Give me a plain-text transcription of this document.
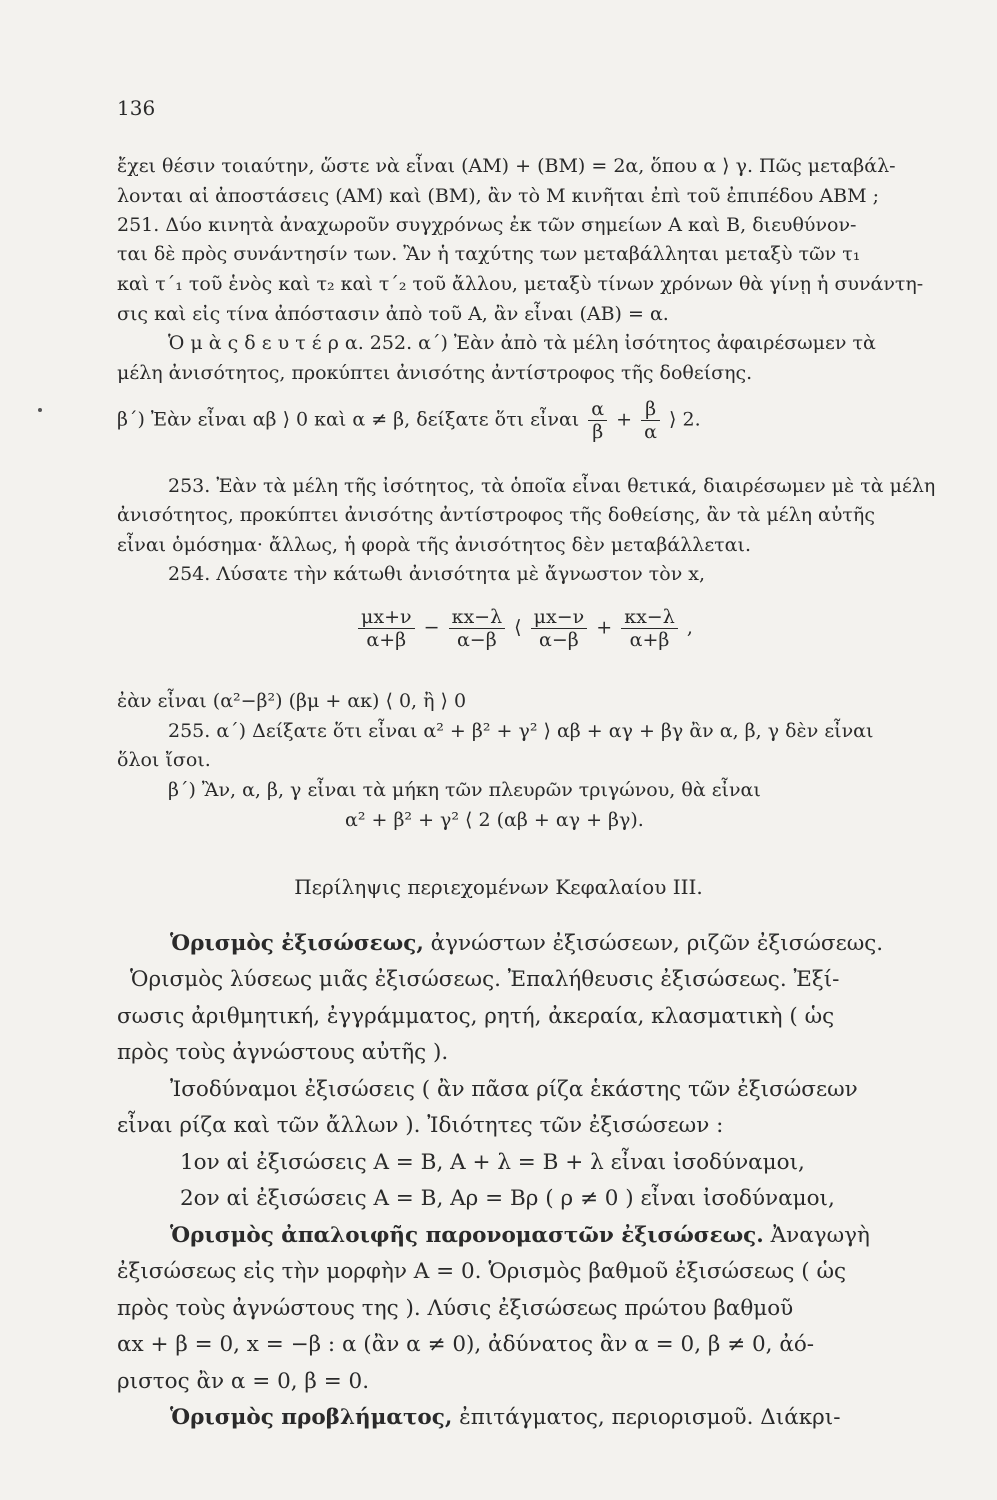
136
ἔχει θέσιν τοιαύτην, ὥστε νὰ εἶναι (ΑΜ) + (ΒΜ) = 2α, ὅπου α ⟩ γ. Πῶς μεταβάλ-
λονται αἱ ἀποστάσεις (ΑΜ) καὶ (ΒΜ), ἂν τὸ Μ κινῆται ἐπὶ τοῦ ἐπιπέδου ΑΒΜ ;
251. Δύο κινητὰ ἀναχωροῦν συγχρόνως ἐκ τῶν σημείων Α καὶ Β, διευθύνον-
ται δὲ πρὸς συνάντησίν των. Ἂν ἡ ταχύτης των μεταβάλληται μεταξὺ τῶν τ₁
καὶ τ΄₁ τοῦ ἑνὸς καὶ τ₂ καὶ τ΄₂ τοῦ ἄλλου, μεταξὺ τίνων χρόνων θὰ γίνῃ ἡ συνάντη-
σις καὶ εἰς τίνα ἀπόστασιν ἀπὸ τοῦ Α, ἂν εἶναι (ΑΒ) = α.
Ὁ μ ὰ ς δ ε υ τ έ ρ α. 252. α΄) Ἐὰν ἀπὸ τὰ μέλη ἰσότητος ἀφαιρέσωμεν τὰ
μέλη ἀνισότητος, προκύπτει ἀνισότης ἀντίστροφος τῆς δοθείσης.
β΄) Ἐὰν εἶναι αβ ⟩ 0 καὶ α ≠ β, δείξατε ὅτι εἶναι $\frac{\alpha}{\beta} + \frac{\beta}{\alpha}$ ⟩ 2.
253. Ἐὰν τὰ μέλη τῆς ἰσότητος, τὰ ὁποῖα εἶναι θετικά, διαιρέσωμεν μὲ τὰ μέλη
ἀνισότητος, προκύπτει ἀνισότης ἀντίστροφος τῆς δοθείσης, ἂν τὰ μέλη αὐτῆς
εἶναι ὁμόσημα· ἄλλως, ἡ φορὰ τῆς ἀνισότητος δὲν μεταβάλλεται.
254. Λύσατε τὴν κάτωθι ἀνισότητα μὲ ἄγνωστον τὸν x,
$\frac{\mu x+\nu}{\alpha+\beta} - \frac{\kappa x-\lambda}{\alpha-\beta}$ ⟨ $\frac{\mu x-\nu}{\alpha-\beta} + \frac{\kappa x-\lambda}{\alpha+\beta}$ ,
ἐὰν εἶναι (α²−β²) (βμ + ακ) ⟨ 0, ἢ ⟩ 0
255. α΄) Δείξατε ὅτι εἶναι α² + β² + γ² ⟩ αβ + αγ + βγ ἂν α, β, γ δὲν εἶναι
ὅλοι ἴσοι.
β΄) Ἂν, α, β, γ εἶναι τὰ μήκη τῶν πλευρῶν τριγώνου, θὰ εἶναι
α² + β² + γ² ⟨ 2 (αβ + αγ + βγ).
Περίληψις περιεχομένων Κεφαλαίου III.
Ὁρισμὸς ἐξισώσεως, ἀγνώστων ἐξισώσεων, ριζῶν ἐξισώσεως.
Ὁρισμὸς λύσεως μιᾶς ἐξισώσεως. Ἐπαλήθευσις ἐξισώσεως. Ἐξί-
σωσις ἀριθμητική, ἐγγράμματος, ρητή, ἀκεραία, κλασματικὴ ( ὡς
πρὸς τοὺς ἀγνώστους αὐτῆς ).
Ἰσοδύναμοι ἐξισώσεις ( ἂν πᾶσα ρίζα ἑκάστης τῶν ἐξισώσεων
εἶναι ρίζα καὶ τῶν ἄλλων ). Ἰδιότητες τῶν ἐξισώσεων :
1ον αἱ ἐξισώσεις Α = Β, Α + λ = Β + λ εἶναι ἰσοδύναμοι,
2ον αἱ ἐξισώσεις Α = Β, Αρ = Βρ ( ρ ≠ 0 ) εἶναι ἰσοδύναμοι,
Ὁρισμὸς ἀπαλοιφῆς παρονομαστῶν ἐξισώσεως. Ἀναγωγὴ
ἐξισώσεως εἰς τὴν μορφὴν Α = 0. Ὁρισμὸς βαθμοῦ ἐξισώσεως ( ὡς
πρὸς τοὺς ἀγνώστους της ). Λύσις ἐξισώσεως πρώτου βαθμοῦ
αx + β = 0, x = −β : α (ἂν α ≠ 0), ἀδύνατος ἂν α = 0, β ≠ 0, ἀό-
ριστος ἂν α = 0, β = 0.
Ὁρισμὸς προβλήματος, ἐπιτάγματος, περιορισμοῦ. Διάκρι-
